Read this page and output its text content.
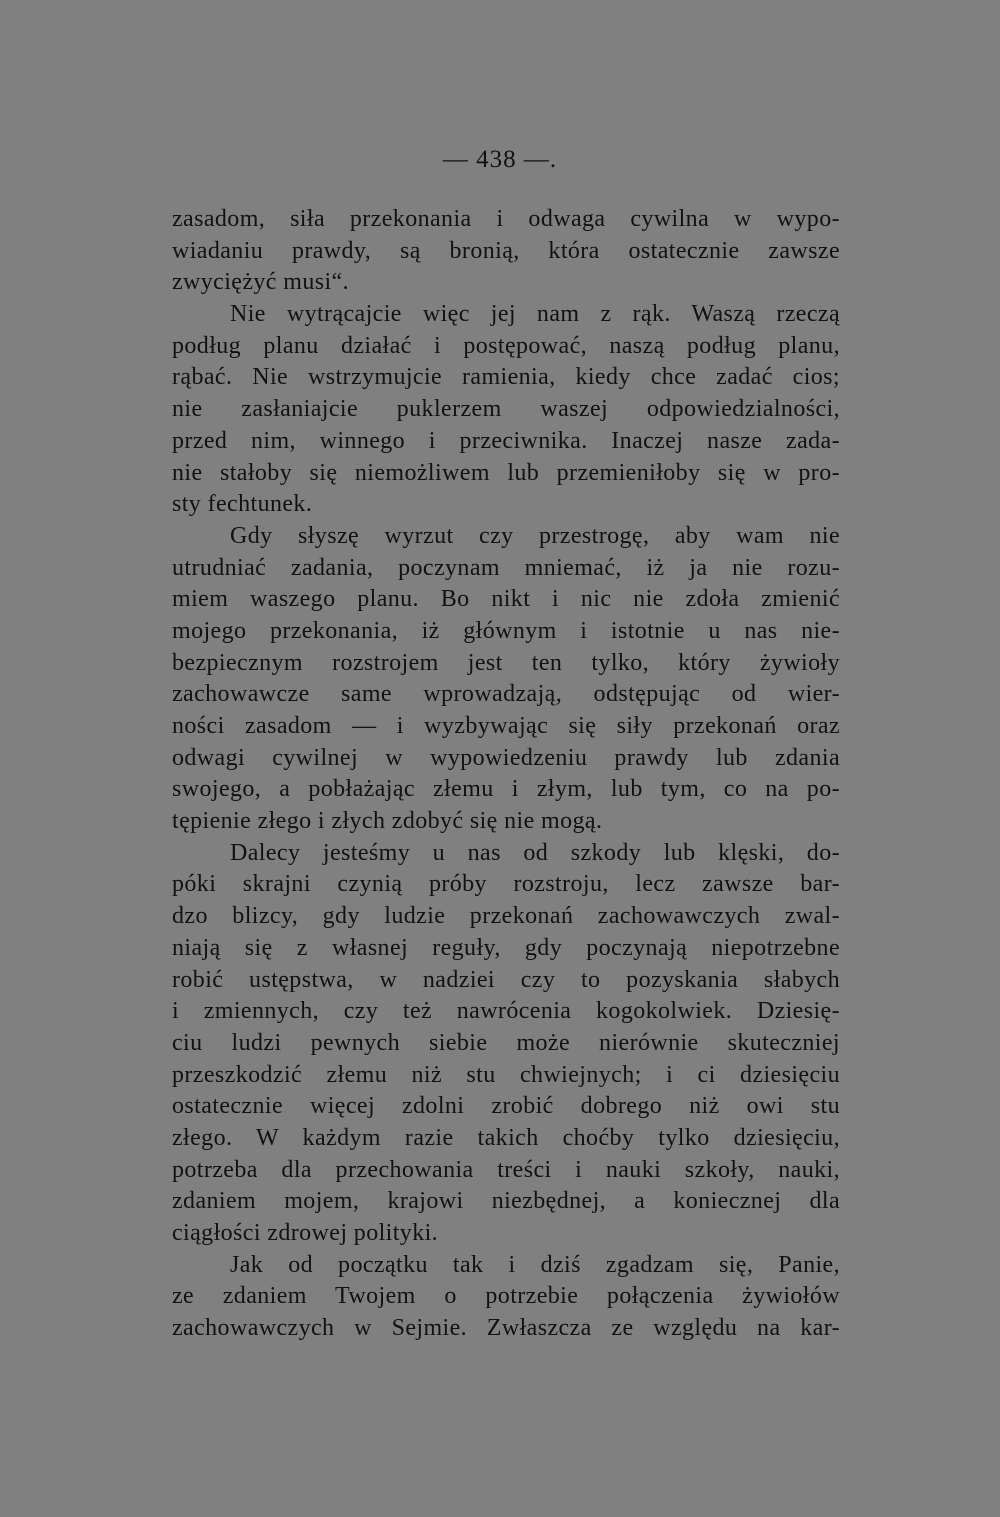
— 438 —.
zasadom, siła przekonania i odwaga cywilna w wypo-
wiadaniu prawdy, są bronią, która ostatecznie zawsze
zwyciężyć musi“.
Nie wytrącajcie więc jej nam z rąk. Waszą rzeczą
podług planu działać i postępować, naszą podług planu,
rąbać. Nie wstrzymujcie ramienia, kiedy chce zadać cios;
nie zasłaniajcie puklerzem waszej odpowiedzialności,
przed nim, winnego i przeciwnika. Inaczej nasze zada-
nie stałoby się niemożliwem lub przemieniłoby się w pro-
sty fechtunek.
Gdy słyszę wyrzut czy przestrogę, aby wam nie
utrudniać zadania, poczynam mniemać, iż ja nie rozu-
miem waszego planu. Bo nikt i nic nie zdoła zmienić
mojego przekonania, iż głównym i istotnie u nas nie-
bezpiecznym rozstrojem jest ten tylko, który żywioły
zachowawcze same wprowadzają, odstępując od wier-
ności zasadom — i wyzbywając się siły przekonań oraz
odwagi cywilnej w wypowiedzeniu prawdy lub zdania
swojego, a pobłażając złemu i złym, lub tym, co na po-
tępienie złego i złych zdobyć się nie mogą.
Dalecy jesteśmy u nas od szkody lub klęski, do-
póki skrajni czynią próby rozstroju, lecz zawsze bar-
dzo blizcy, gdy ludzie przekonań zachowawczych zwal-
niają się z własnej reguły, gdy poczynają niepotrzebne
robić ustępstwa, w nadziei czy to pozyskania słabych
i zmiennych, czy też nawrócenia kogokolwiek. Dziesię-
ciu ludzi pewnych siebie może nierównie skuteczniej
przeszkodzić złemu niż stu chwiejnych; i ci dziesięciu
ostatecznie więcej zdolni zrobić dobrego niż owi stu
złego. W każdym razie takich choćby tylko dziesięciu,
potrzeba dla przechowania treści i nauki szkoły, nauki,
zdaniem mojem, krajowi niezbędnej, a koniecznej dla
ciągłości zdrowej polityki.
Jak od początku tak i dziś zgadzam się, Panie,
ze zdaniem Twojem o potrzebie połączenia żywiołów
zachowawczych w Sejmie. Zwłaszcza ze względu na kar-
